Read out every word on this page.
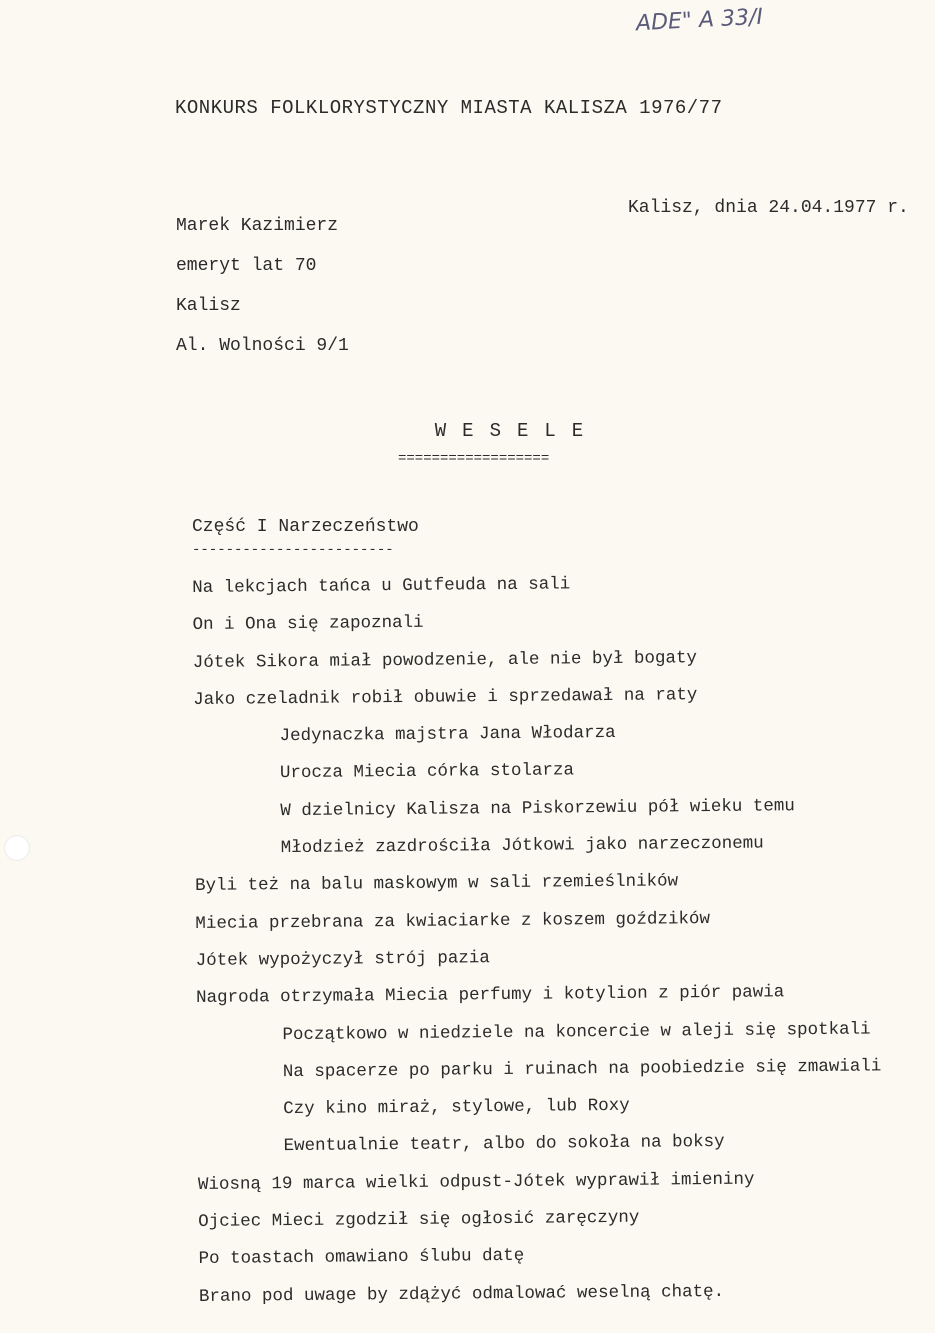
ADE" A 33/I
KONKURS FOLKLORYSTYCZNY MIASTA KALISZA 1976/77
Kalisz, dnia 24.04.1977 r.
Marek Kazimierz
emeryt lat 70
Kalisz
Al. Wolności 9/1
WESELE
==================
Część I Narzeczeństwo
------------------------
Na lekcjach tańca u Gutfeuda na sali
On i Ona się zapoznali
Jótek Sikora miał powodzenie, ale nie był bogaty
Jako czeladnik robił obuwie i sprzedawał na raty
Jedynaczka majstra Jana Włodarza
Urocza Miecia córka stolarza
W dzielnicy Kalisza na Piskorzewiu pół wieku temu
Młodzież zazdrościła Jótkowi jako narzeczonemu
Byli też na balu maskowym w sali rzemieślników
Miecia przebrana za kwiaciarke z koszem goździków
Jótek wypożyczył strój pazia
Nagroda otrzymała Miecia perfumy i kotylion z piór pawia
Początkowo w niedziele na koncercie w aleji się spotkali
Na spacerze po parku i ruinach na poobiedzie się zmawiali
Czy kino miraż, stylowe, lub Roxy
Ewentualnie teatr, albo do sokoła na boksy
Wiosną 19 marca wielki odpust-Jótek wyprawił imieniny
Ojciec Mieci zgodził się ogłosić zaręczyny
Po toastach omawiano ślubu datę
Brano pod uwage by zdążyć odmalować weselną chatę.
